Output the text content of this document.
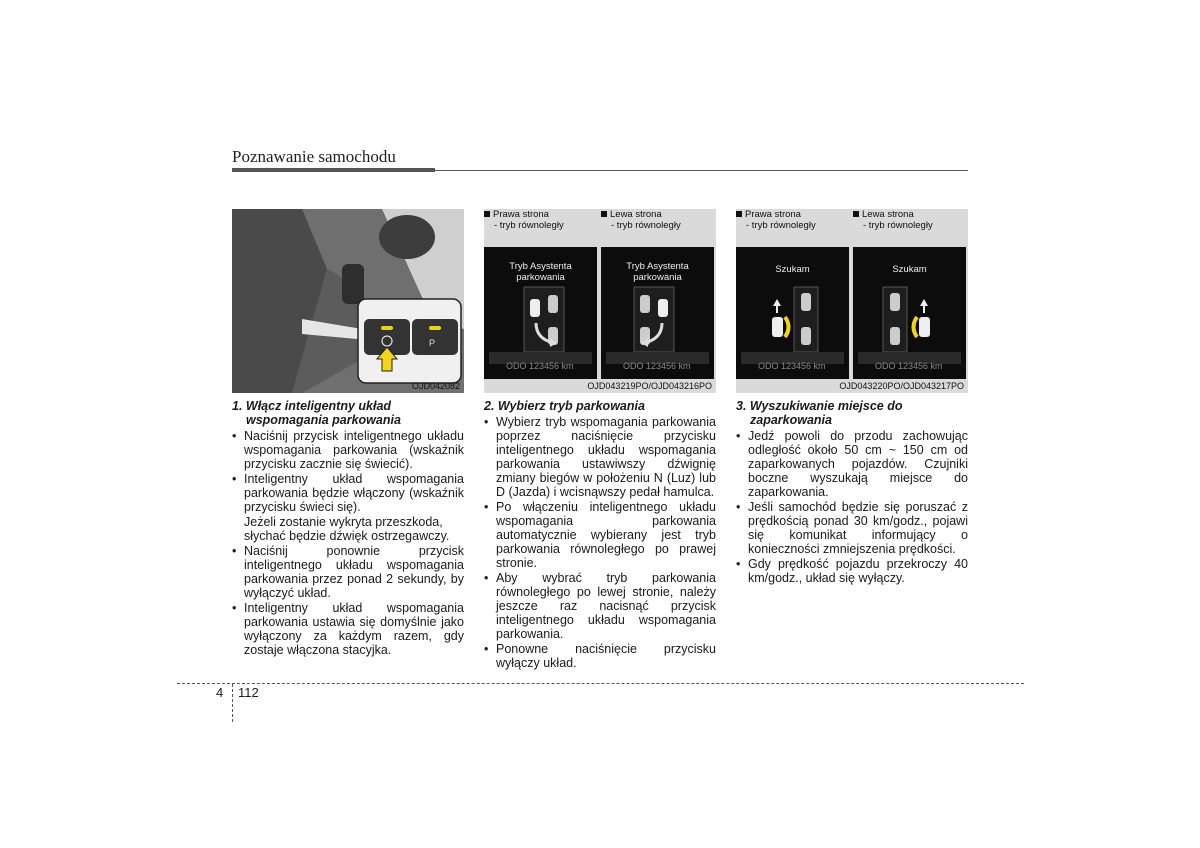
Poznawanie samochodu
P
OJD042082
1. Włącz inteligentny układ
wspomagania parkowania
• Naciśnij przycisk inteligentnego układu wspomagania parkowania (wskaźnik przycisku zacznie się świecić).
• Inteligentny układ wspomagania parkowania będzie włączony (wskaźnik przycisku świeci się).
Jeżeli zostanie wykryta przeszkoda, słychać będzie dźwięk ostrzegawczy.
• Naciśnij ponownie przycisk inteligentnego układu wspomagania parkowania przez ponad 2 sekundy, by wyłączyć układ.
• Inteligentny układ wspomagania parkowania ustawia się domyślnie jako wyłączony za każdym razem, gdy zostaje włączona stacyjka.
Prawa strona
- tryb równoległy
Lewa strona
- tryb równoległy
Tryb Asystenta
parkowania
ODO 123456 km
Tryb Asystenta
parkowania
ODO 123456 km
OJD043219PO/OJD043216PO
2. Wybierz tryb parkowania
• Wybierz tryb wspomagania parkowania poprzez naciśnięcie przycisku inteligentnego układu wspomagania parkowania ustawiwszy dźwignię zmiany biegów w położeniu N (Luz) lub D (Jazda) i wcisnąwszy pedał hamulca.
• Po włączeniu inteligentnego układu wspomagania parkowania automatycznie wybierany jest tryb parkowania równoległego po prawej stronie.
• Aby wybrać tryb parkowania równoległego po lewej stronie, należy jeszcze raz nacisnąć przycisk inteligentnego układu wspomagania parkowania.
• Ponowne naciśnięcie przycisku wyłączy układ.
Prawa strona
- tryb równoległy
Lewa strona
- tryb równoległy
Szukam
ODO 123456 km
Szukam
ODO 123456 km
OJD043220PO/OJD043217PO
3. Wyszukiwanie miejsce do
zaparkowania
• Jedź powoli do przodu zachowując odległość około 50 cm ~ 150 cm od zaparkowanych pojazdów. Czujniki boczne wyszukają miejsce do zaparkowania.
• Jeśli samochód będzie się poruszać z prędkością ponad 30 km/godz., pojawi się komunikat informujący o konieczności zmniejszenia prędkości.
• Gdy prędkość pojazdu przekroczy 40 km/godz., układ się wyłączy.
4 112
